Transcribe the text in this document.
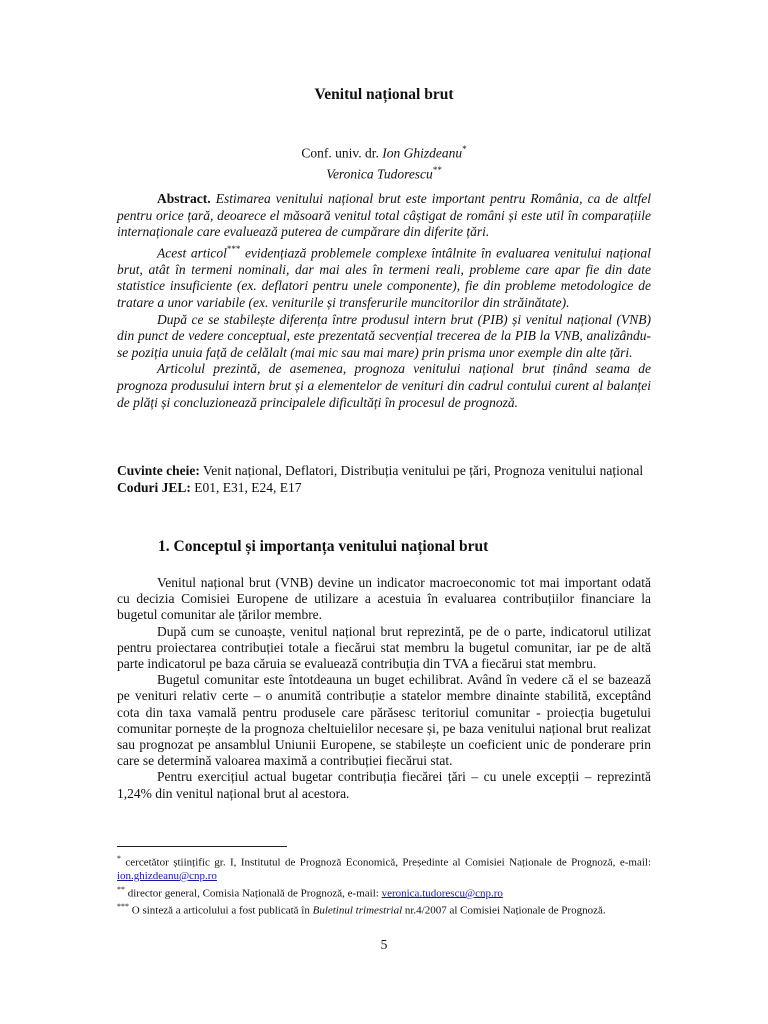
Venitul național brut
Conf. univ. dr. Ion Ghizdeanu*
Veronica Tudorescu**

Abstract. Estimarea venitului național brut este important pentru România, ca de altfel pentru orice țară, deoarece el măsoară venitul total câștigat de români și este util în comparațiile internaționale care evaluează puterea de cumpărare din diferite țări.

Acest articol*** evidențiază problemele complexe întâlnite în evaluarea venitului național brut, atât în termeni nominali, dar mai ales în termeni reali, probleme care apar fie din date statistice insuficiente (ex. deflatori pentru unele componente), fie din probleme metodologice de tratare a unor variabile (ex. veniturile și transferurile muncitorilor din străinătate).

După ce se stabilește diferența între produsul intern brut (PIB) și venitul național (VNB) din punct de vedere conceptual, este prezentată secvențial trecerea de la PIB la VNB, analizându-se poziția unuia față de celălalt (mai mic sau mai mare) prin prisma unor exemple din alte țări.

Articolul prezintă, de asemenea, prognoza venitului național brut ținând seama de prognoza produsului intern brut și a elementelor de venituri din cadrul contului curent al balanței de plăți și concluzionează principalele dificultăți în procesul de prognoză.

Cuvinte cheie: Venit național, Deflatori, Distribuția venitului pe țări, Prognoza venitului național

Coduri JEL: E01, E31, E24, E17

1. Conceptul și importanța venitului național brut

Venitul național brut (VNB) devine un indicator macroeconomic tot mai important odată cu decizia Comisiei Europene de utilizare a acestuia în evaluarea contribuțiilor financiare la bugetul comunitar ale țărilor membre.

După cum se cunoaște, venitul național brut reprezintă, pe de o parte, indicatorul utilizat pentru proiectarea contribuției totale a fiecărui stat membru la bugetul comunitar, iar pe de altă parte indicatorul pe baza căruia se evaluează contribuția din TVA a fiecărui stat membru.

Bugetul comunitar este întotdeauna un buget echilibrat. Având în vedere că el se bazează pe venituri relativ certe – o anumită contribuție a statelor membre dinainte stabilită, exceptând cota din taxa vamală pentru produsele care părăsesc teritoriul comunitar - proiecția bugetului comunitar pornește de la prognoza cheltuielilor necesare și, pe baza venitului național brut realizat sau prognozat pe ansamblul Uniunii Europene, se stabilește un coeficient unic de ponderare prin care se determină valoarea maximă a contribuției fiecărui stat.

Pentru exercițiul actual bugetar contribuția fiecărei țări – cu unele excepții – reprezintă 1,24% din venitul național brut al acestora.

* cercetător științific gr. I, Institutul de Prognoză Economică, Președinte al Comisiei Naționale de Prognoză, e-mail: ion.ghizdeanu@cnp.ro

** director general, Comisia Națională de Prognoză, e-mail: veronica.tudorescu@cnp.ro

*** O sinteză a articolului a fost publicată în Buletinul trimestrial nr.4/2007 al Comisiei Naționale de Prognoză.

5
